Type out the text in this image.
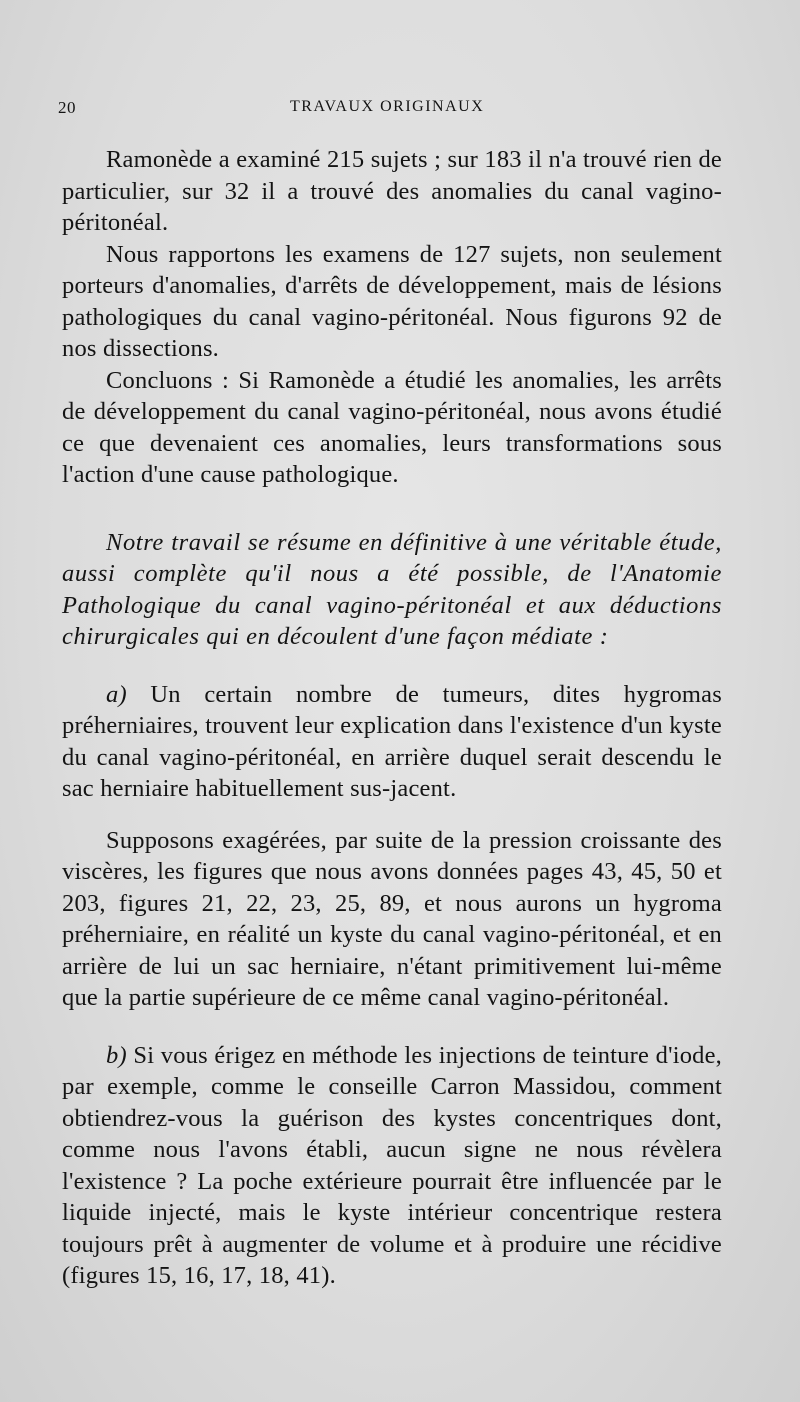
20	TRAVAUX ORIGINAUX

Ramonède a examiné 215 sujets ; sur 183 il n'a trouvé rien de particulier, sur 32 il a trouvé des anomalies du canal vagino-péritonéal.

Nous rapportons les examens de 127 sujets, non seulement porteurs d'anomalies, d'arrêts de développement, mais de lésions pathologiques du canal vagino-péritonéal. Nous figurons 92 de nos dissections.

Concluons : Si Ramonède a étudié les anomalies, les arrêts de développement du canal vagino-péritonéal, nous avons étudié ce que devenaient ces anomalies, leurs transformations sous l'action d'une cause pathologique.

Notre travail se résume en définitive à une véritable étude, aussi complète qu'il nous a été possible, de l'Anatomie Pathologique du canal vagino-péritonéal et aux déductions chirurgicales qui en découlent d'une façon médiate :

a) Un certain nombre de tumeurs, dites hygromas préherniaires, trouvent leur explication dans l'existence d'un kyste du canal vagino-péritonéal, en arrière duquel serait descendu le sac herniaire habituellement sus-jacent.

Supposons exagérées, par suite de la pression croissante des viscères, les figures que nous avons données pages 43, 45, 50 et 203, figures 21, 22, 23, 25, 89, et nous aurons un hygroma préherniaire, en réalité un kyste du canal vagino-péritonéal, et en arrière de lui un sac herniaire, n'étant primitivement lui-même que la partie supérieure de ce même canal vagino-péritonéal.

b) Si vous érigez en méthode les injections de teinture d'iode, par exemple, comme le conseille Carron Massidou, comment obtiendrez-vous la guérison des kystes concentriques dont, comme nous l'avons établi, aucun signe ne nous révèlera l'existence ? La poche extérieure pourrait être influencée par le liquide injecté, mais le kyste intérieur concentrique restera toujours prêt à augmenter de volume et à produire une récidive (figures 15, 16, 17, 18, 41).
